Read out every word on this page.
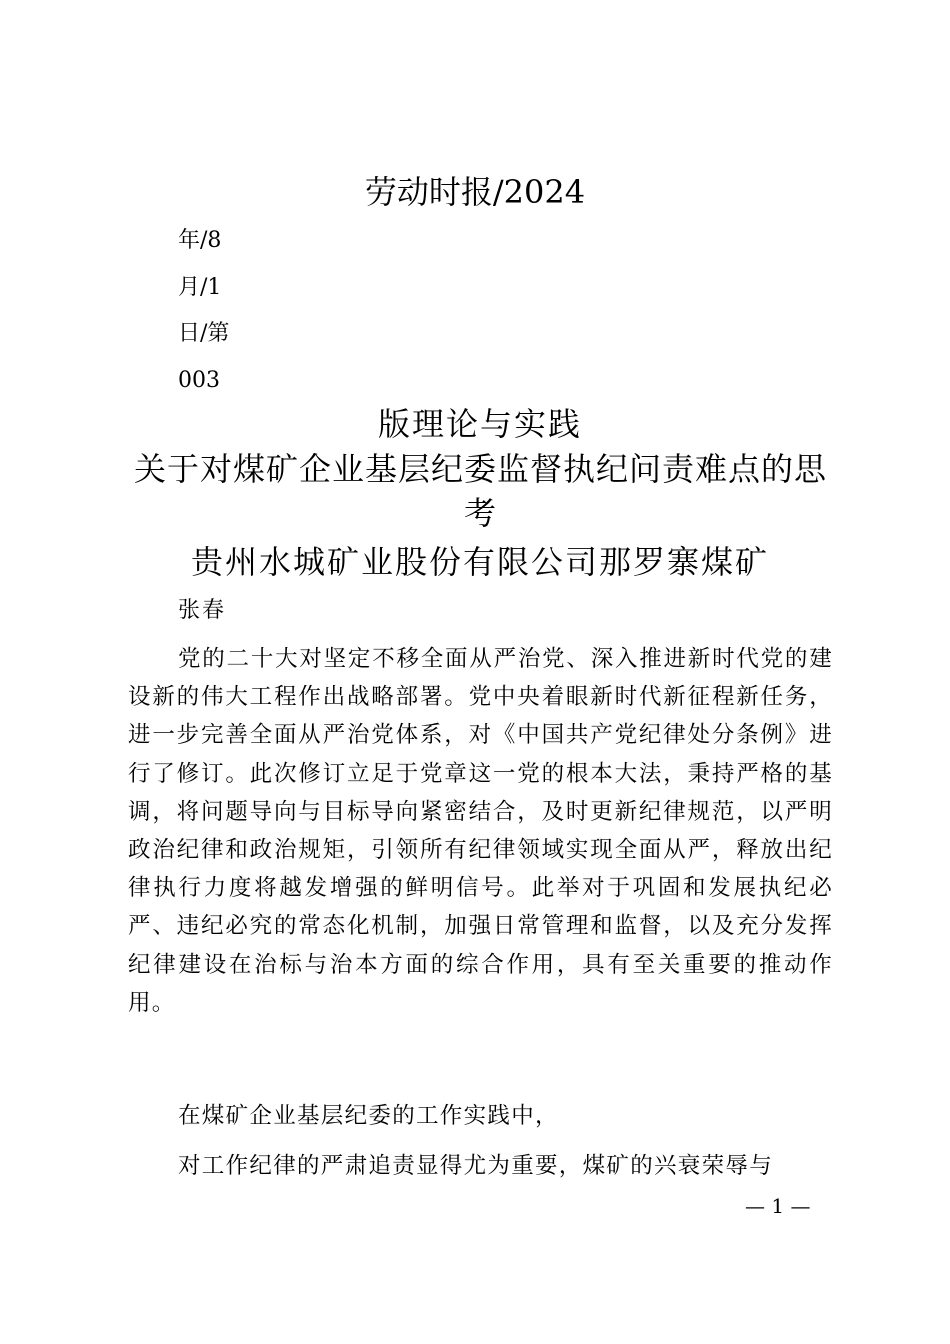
劳动时报/2024
年/8
月/1
日/第
003
版理论与实践
关于对煤矿企业基层纪委监督执纪问责难点的思考
贵州水城矿业股份有限公司那罗寨煤矿
张春

党的二十大对坚定不移全面从严治党、深入推进新时代党的建设新的伟大工程作出战略部署。党中央着眼新时代新征程新任务，进一步完善全面从严治党体系，对《中国共产党纪律处分条例》进行了修订。此次修订立足于党章这一党的根本大法，秉持严格的基调，将问题导向与目标导向紧密结合，及时更新纪律规范，以严明政治纪律和政治规矩，引领所有纪律领域实现全面从严，释放出纪律执行力度将越发增强的鲜明信号。此举对于巩固和发展执纪必严、违纪必究的常态化机制，加强日常管理和监督，以及充分发挥纪律建设在治标与治本方面的综合作用，具有至关重要的推动作用。

在煤矿企业基层纪委的工作实践中，

对工作纪律的严肃追责显得尤为重要，煤矿的兴衰荣辱与

— 1 —
